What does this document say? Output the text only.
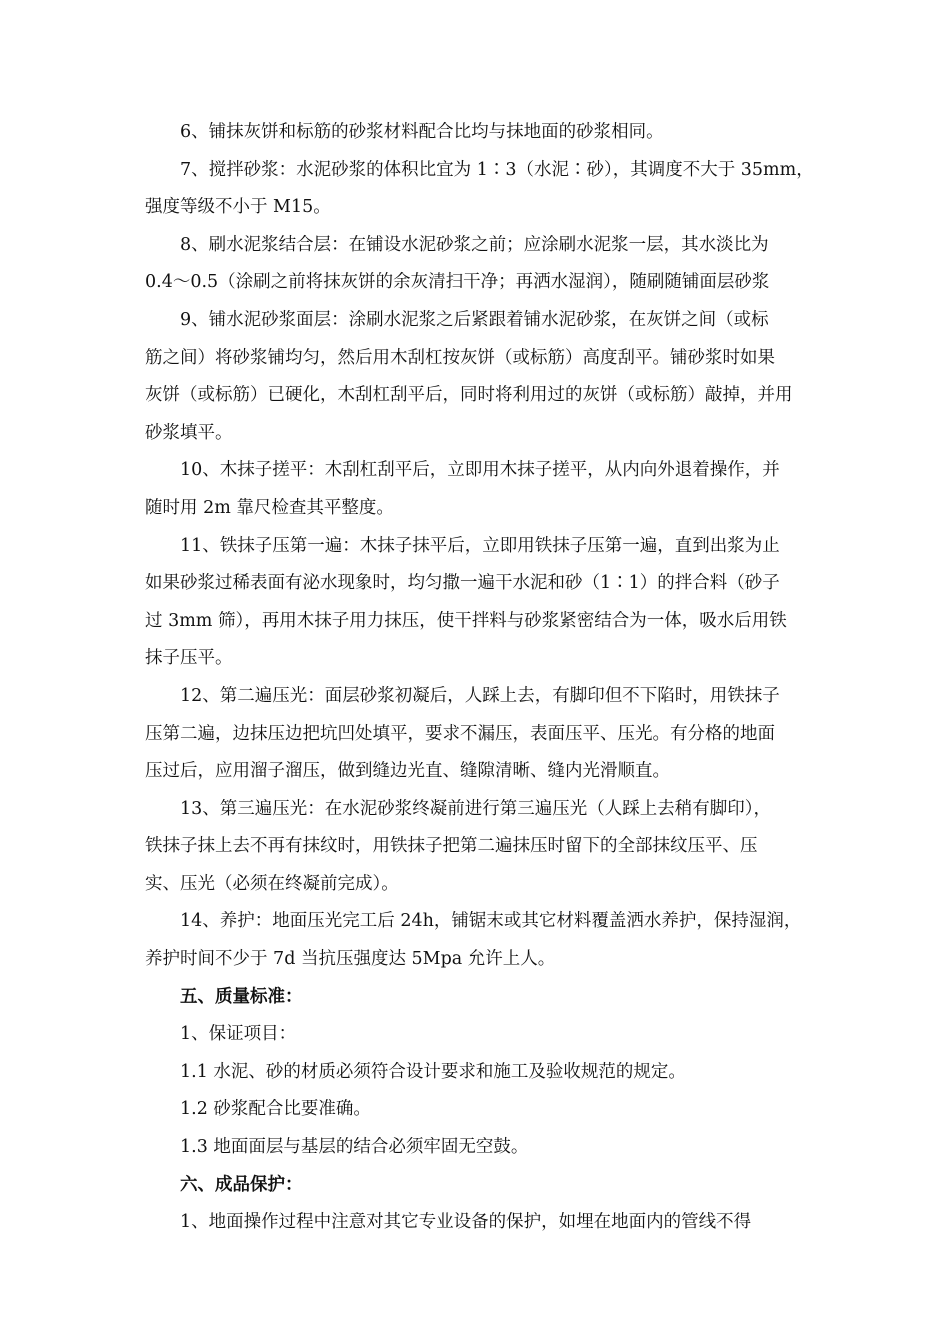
6、铺抹灰饼和标筋的砂浆材料配合比均与抹地面的砂浆相同。
7、搅拌砂浆：水泥砂浆的体积比宜为 1∶3（水泥∶砂），其调度不大于 35mm，
强度等级不小于 M15。
8、刷水泥浆结合层：在铺设水泥砂浆之前；应涂刷水泥浆一层，其水淡比为
0.4～0.5（涂刷之前将抹灰饼的余灰清扫干净；再洒水湿润），随刷随铺面层砂浆
9、铺水泥砂浆面层：涂刷水泥浆之后紧跟着铺水泥砂浆，在灰饼之间（或标
筋之间）将砂浆铺均匀，然后用木刮杠按灰饼（或标筋）高度刮平。铺砂浆时如果
灰饼（或标筋）已硬化，木刮杠刮平后，同时将利用过的灰饼（或标筋）敲掉，并用
砂浆填平。
10、木抹子搓平：木刮杠刮平后，立即用木抹子搓平，从内向外退着操作，并
随时用 2m 靠尺检查其平整度。
11、铁抹子压第一遍：木抹子抹平后，立即用铁抹子压第一遍，直到出浆为止
如果砂浆过稀表面有泌水现象时，均匀撒一遍干水泥和砂（1∶1）的拌合料（砂子
过 3mm 筛），再用木抹子用力抹压，使干拌料与砂浆紧密结合为一体，吸水后用铁
抹子压平。
12、第二遍压光：面层砂浆初凝后，人踩上去，有脚印但不下陷时，用铁抹子
压第二遍，边抹压边把坑凹处填平，要求不漏压，表面压平、压光。有分格的地面
压过后，应用溜子溜压，做到缝边光直、缝隙清晰、缝内光滑顺直。
13、第三遍压光：在水泥砂浆终凝前进行第三遍压光（人踩上去稍有脚印），
铁抹子抹上去不再有抹纹时，用铁抹子把第二遍抹压时留下的全部抹纹压平、压
实、压光（必须在终凝前完成）。
14、养护：地面压光完工后 24h，铺锯末或其它材料覆盖洒水养护，保持湿润，
养护时间不少于 7d 当抗压强度达 5Mpa 允许上人。
五、质量标准：
1、保证项目：
1.1 水泥、砂的材质必须符合设计要求和施工及验收规范的规定。
1.2 砂浆配合比要准确。
1.3 地面面层与基层的结合必须牢固无空鼓。
六、成品保护：
1、地面操作过程中注意对其它专业设备的保护，如埋在地面内的管线不得
